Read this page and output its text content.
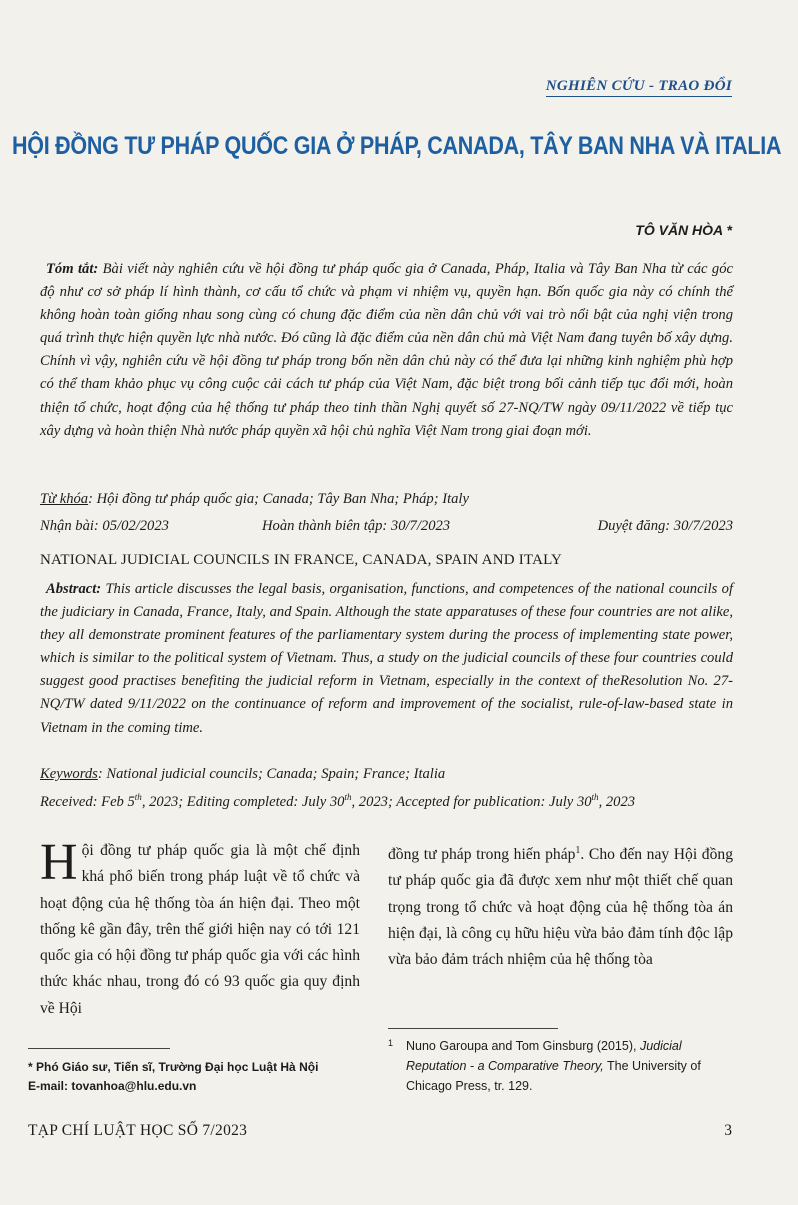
NGHIÊN CỨU - TRAO ĐỔI
HỘI ĐỒNG TƯ PHÁP QUỐC GIA Ở PHÁP, CANADA, TÂY BAN NHA VÀ ITALIA
TÔ VĂN HÒA *
Tóm tắt: Bài viết này nghiên cứu về hội đồng tư pháp quốc gia ở Canada, Pháp, Italia và Tây Ban Nha từ các góc độ như cơ sở pháp lí hình thành, cơ cấu tổ chức và phạm vi nhiệm vụ, quyền hạn. Bốn quốc gia này có chính thể không hoàn toàn giống nhau song cùng có chung đặc điểm của nền dân chủ với vai trò nổi bật của nghị viện trong quá trình thực hiện quyền lực nhà nước. Đó cũng là đặc điểm của nền dân chủ mà Việt Nam đang tuyên bố xây dựng. Chính vì vậy, nghiên cứu về hội đồng tư pháp trong bốn nền dân chủ này có thể đưa lại những kinh nghiệm phù hợp có thể tham khảo phục vụ công cuộc cải cách tư pháp của Việt Nam, đặc biệt trong bối cảnh tiếp tục đổi mới, hoàn thiện tổ chức, hoạt động của hệ thống tư pháp theo tinh thần Nghị quyết số 27-NQ/TW ngày 09/11/2022 về tiếp tục xây dựng và hoàn thiện Nhà nước pháp quyền xã hội chủ nghĩa Việt Nam trong giai đoạn mới.
Từ khóa: Hội đồng tư pháp quốc gia; Canada; Tây Ban Nha; Pháp; Italy
Nhận bài: 05/02/2023	Hoàn thành biên tập: 30/7/2023	Duyệt đăng: 30/7/2023
NATIONAL JUDICIAL COUNCILS IN FRANCE, CANADA, SPAIN AND ITALY
Abstract: This article discusses the legal basis, organisation, functions, and competences of the national councils of the judiciary in Canada, France, Italy, and Spain. Although the state apparatuses of these four countries are not alike, they all demonstrate prominent features of the parliamentary system during the process of implementing state power, which is similar to the political system of Vietnam. Thus, a study on the judicial councils of these four countries could suggest good practises benefiting the judicial reform in Vietnam, especially in the context of theResolution No. 27-NQ/TW dated 9/11/2022 on the continuance of reform and improvement of the socialist, rule-of-law-based state in Vietnam in the coming time.
Keywords: National judicial councils; Canada; Spain; France; Italia
Received: Feb 5th, 2023; Editing completed: July 30th, 2023; Accepted for publication: July 30th, 2023
Hội đồng tư pháp quốc gia là một chế định khá phổ biến trong pháp luật về tổ chức và hoạt động của hệ thống tòa án hiện đại. Theo một thống kê gần đây, trên thế giới hiện nay có tới 121 quốc gia có hội đồng tư pháp quốc gia với các hình thức khác nhau, trong đó có 93 quốc gia quy định về Hội
đồng tư pháp trong hiến pháp$^1$. Cho đến nay Hội đồng tư pháp quốc gia đã được xem như một thiết chế quan trọng trong tổ chức và hoạt động của hệ thống tòa án hiện đại, là công cụ hữu hiệu vừa bảo đảm tính độc lập vừa bảo đảm trách nhiệm của hệ thống tòa
* Phó Giáo sư, Tiến sĩ, Trường Đại học Luật Hà Nội
E-mail: tovanhoa@hlu.edu.vn
1 Nuno Garoupa and Tom Ginsburg (2015), Judicial Reputation - a Comparative Theory, The University of Chicago Press, tr. 129.
TẠP CHÍ LUẬT HỌC SỐ 7/2023	3
